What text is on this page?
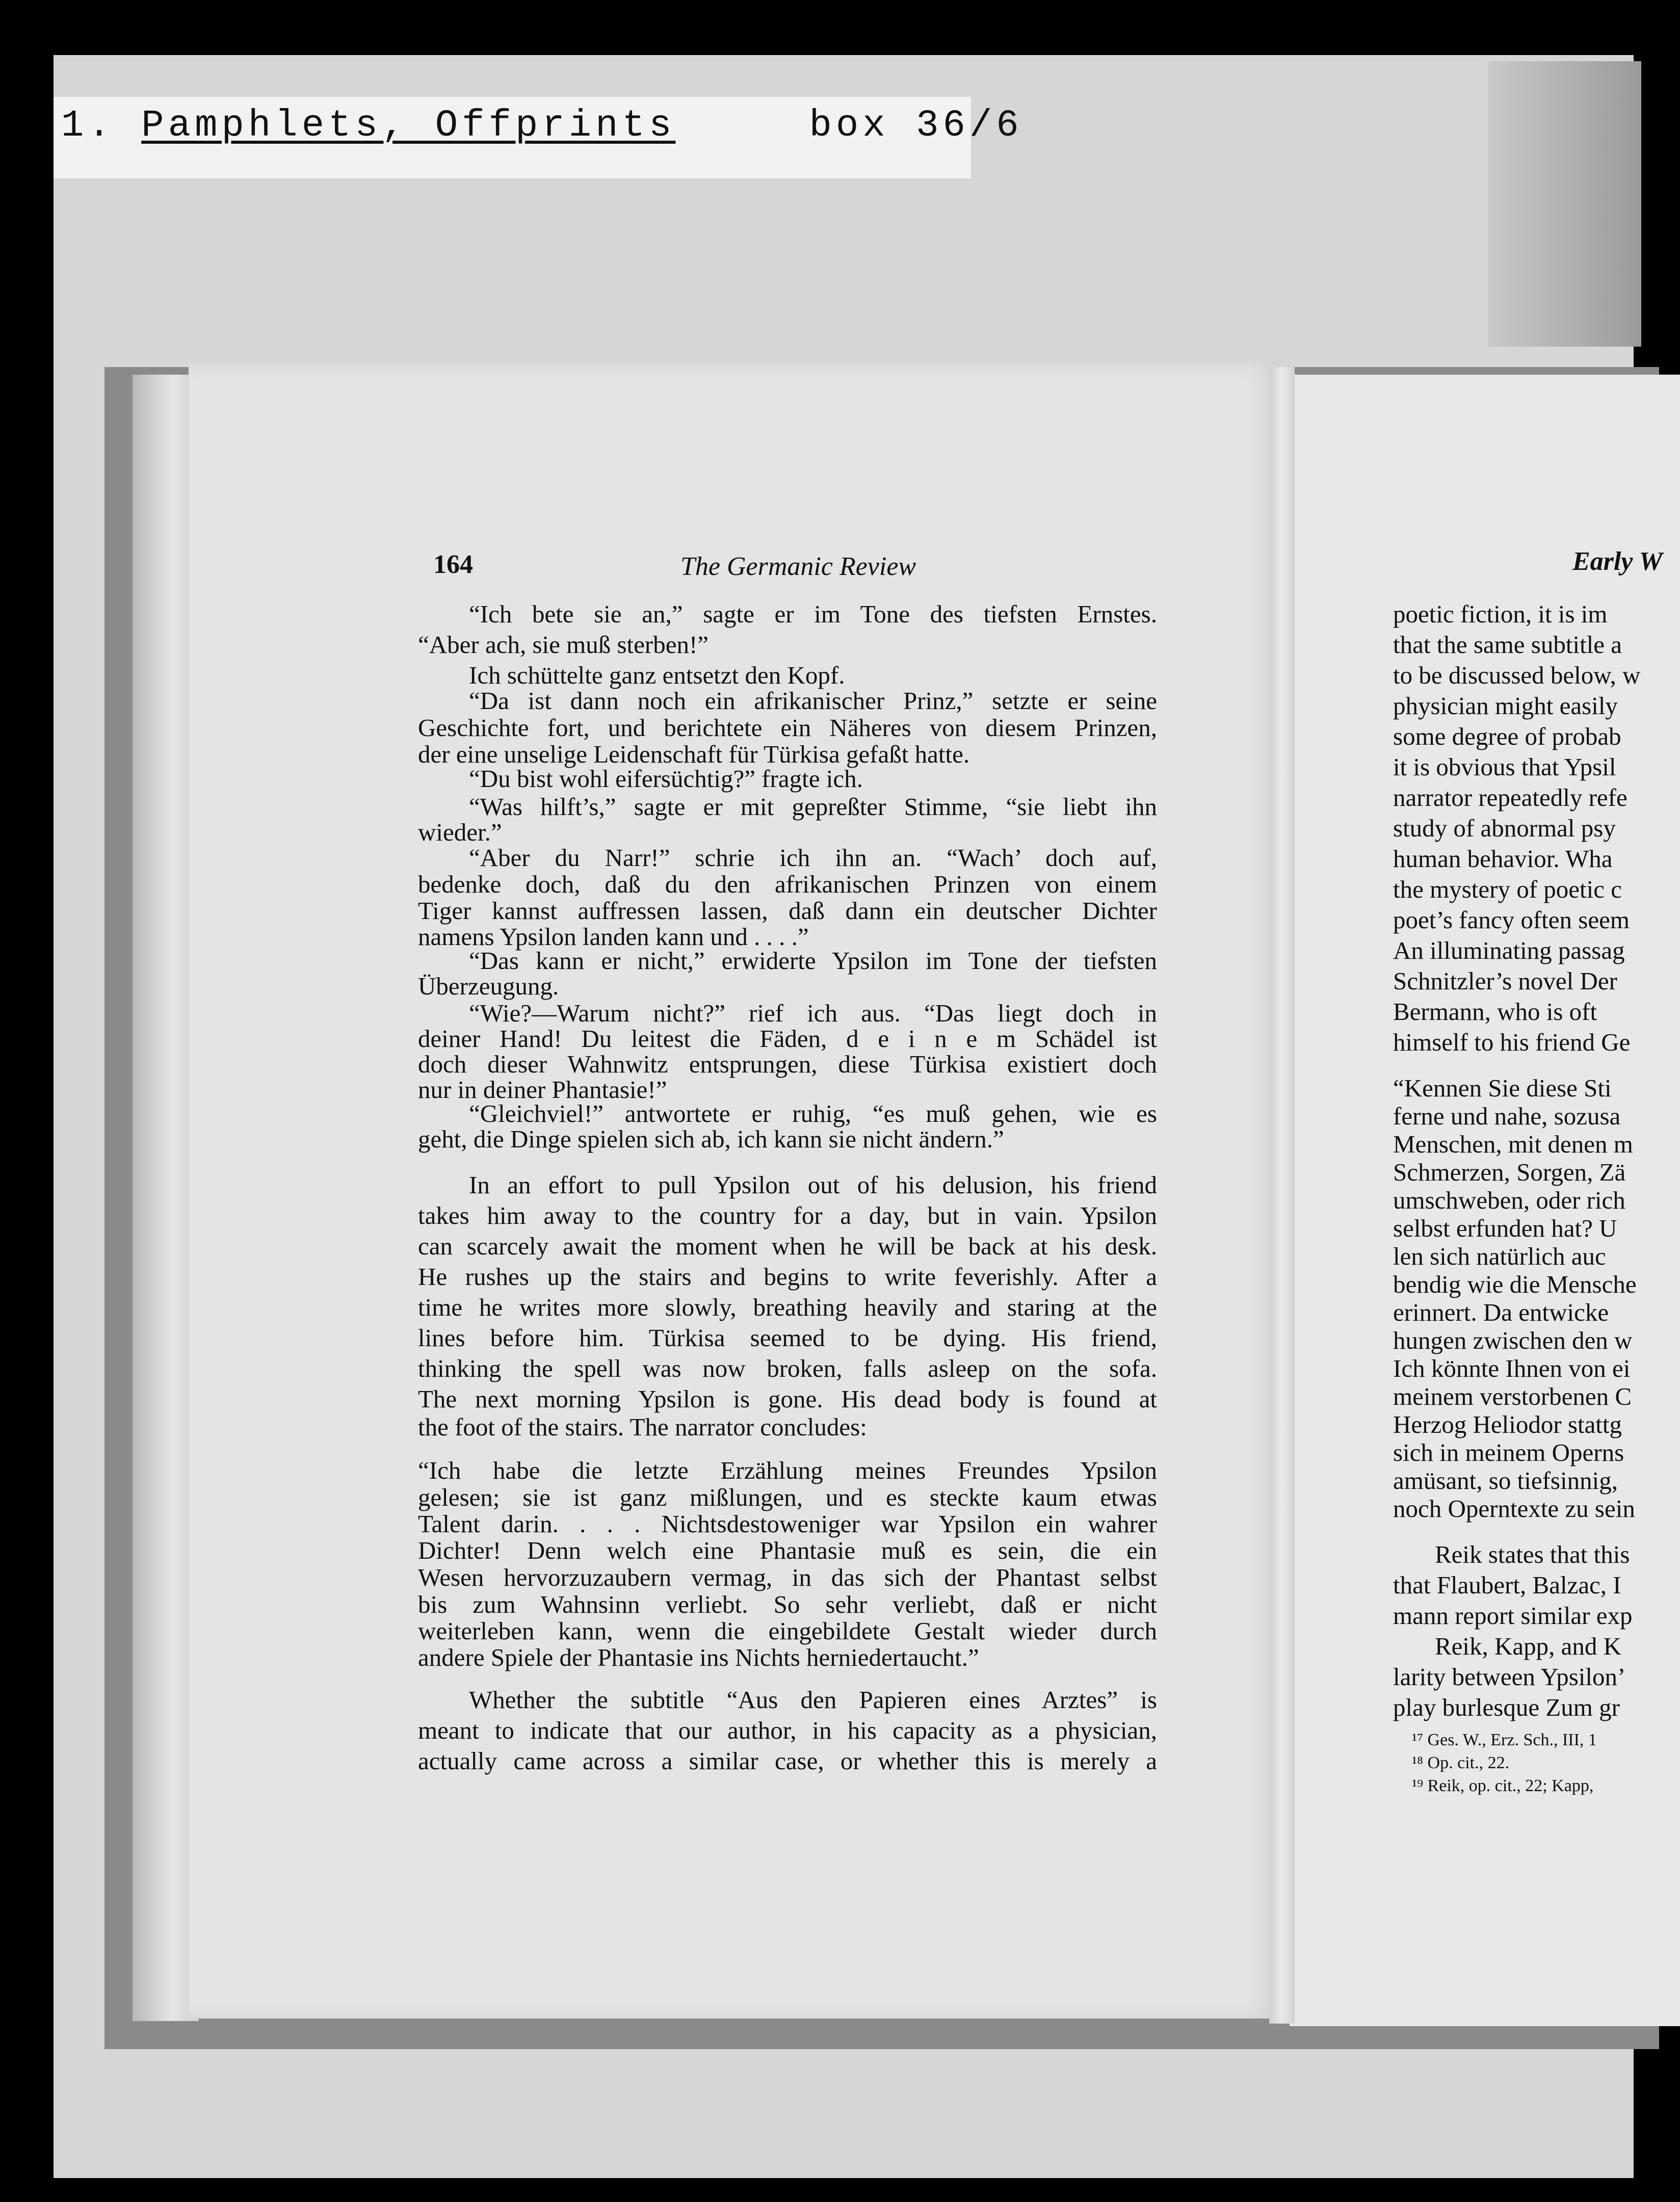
1. Pamphlets, Offprints	box 36/6
164	The Germanic Review	Early W
“Ich bete sie an,” sagte er im Tone des tiefsten Ernstes.
“Aber ach, sie muß sterben!”
Ich schüttelte ganz entsetzt den Kopf.
“Da ist dann noch ein afrikanischer Prinz,” setzte er seine
Geschichte fort, und berichtete ein Näheres von diesem Prinzen,
der eine unselige Leidenschaft für Türkisa gefaßt hatte.
“Du bist wohl eifersüchtig?” fragte ich.
“Was hilft’s,” sagte er mit gepreßter Stimme, “sie liebt ihn
wieder.”
“Aber du Narr!” schrie ich ihn an. “Wach’ doch auf,
bedenke doch, daß du den afrikanischen Prinzen von einem
Tiger kannst auffressen lassen, daß dann ein deutscher Dichter
namens Ypsilon landen kann und . . . .”
“Das kann er nicht,” erwiderte Ypsilon im Tone der tiefsten
Überzeugung.
“Wie?—Warum nicht?” rief ich aus. “Das liegt doch in
deiner Hand! Du leitest die Fäden, d e i n e m Schädel ist
doch dieser Wahnwitz entsprungen, diese Türkisa existiert doch
nur in deiner Phantasie!”
“Gleichviel!” antwortete er ruhig, “es muß gehen, wie es
geht, die Dinge spielen sich ab, ich kann sie nicht ändern.”
In an effort to pull Ypsilon out of his delusion, his friend
takes him away to the country for a day, but in vain. Ypsilon
can scarcely await the moment when he will be back at his desk.
He rushes up the stairs and begins to write feverishly. After a
time he writes more slowly, breathing heavily and staring at the
lines before him. Türkisa seemed to be dying. His friend,
thinking the spell was now broken, falls asleep on the sofa.
The next morning Ypsilon is gone. His dead body is found at
the foot of the stairs. The narrator concludes:
“Ich habe die letzte Erzählung meines Freundes Ypsilon
gelesen; sie ist ganz mißlungen, und es steckte kaum etwas
Talent darin. . . . Nichtsdestoweniger war Ypsilon ein wahrer
Dichter! Denn welch eine Phantasie muß es sein, die ein
Wesen hervorzuzaubern vermag, in das sich der Phantast selbst
bis zum Wahnsinn verliebt. So sehr verliebt, daß er nicht
weiterleben kann, wenn die eingebildete Gestalt wieder durch
andere Spiele der Phantasie ins Nichts herniedertaucht.”
Whether the subtitle “Aus den Papieren eines Arztes” is
meant to indicate that our author, in his capacity as a physician,
actually came across a similar case, or whether this is merely a
poetic fiction, it is im
that the same subtitle a
to be discussed below, w
physician might easily
some degree of probab
it is obvious that Ypsil
narrator repeatedly refe
study of abnormal psy
human behavior. Wha
the mystery of poetic c
poet’s fancy often seem
An illuminating passag
Schnitzler’s novel Der
Bermann, who is oft
himself to his friend Ge
“Kennen Sie diese Sti
ferne und nahe, sozusa
Menschen, mit denen m
Schmerzen, Sorgen, Zä
umschweben, oder rich
selbst erfunden hat? U
len sich natürlich auc
bendig wie die Mensche
erinnert. Da entwicke
hungen zwischen den w
Ich könnte Ihnen von ei
meinem verstorbenen C
Herzog Heliodor stattg
sich in meinem Operns
amüsant, so tiefsinnig,
noch Operntexte zu sein
Reik states that this
that Flaubert, Balzac, I
mann report similar exp
Reik, Kapp, and K
larity between Ypsilon’
play burlesque Zum gr
¹⁷ Ges. W., Erz. Sch., III, 1
¹⁸ Op. cit., 22.
¹⁹ Reik, op. cit., 22; Kapp,
